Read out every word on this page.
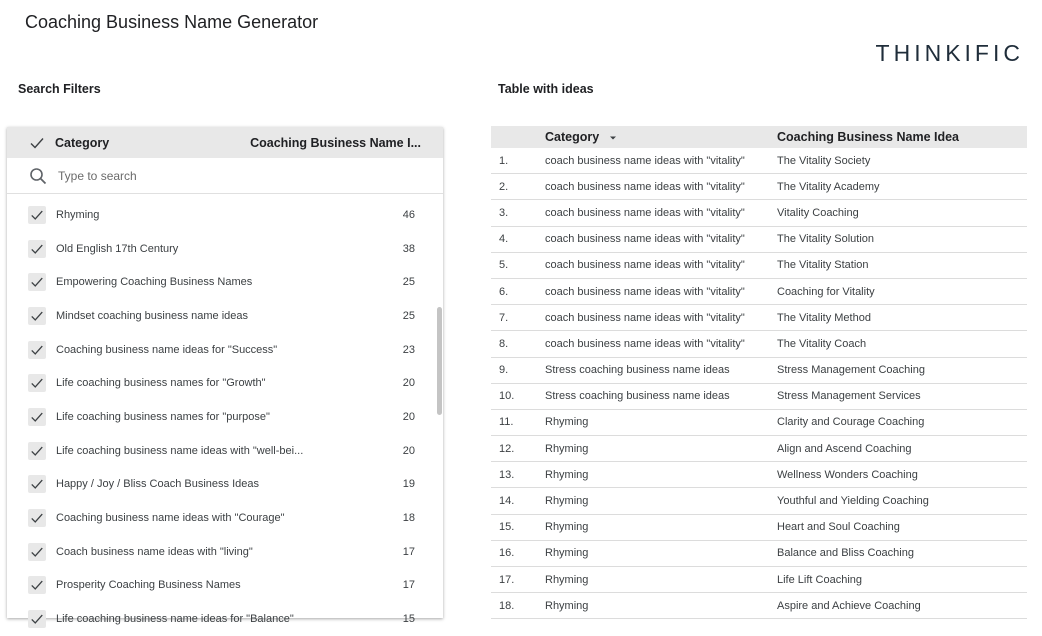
Coaching Business Name Generator
THINKIFIC
Search Filters	Table with ideas
Category	Coaching Business Name I...
Type to search
Rhyming	46
Old English 17th Century	38
Empowering Coaching Business Names	25
Mindset coaching business name ideas	25
Coaching business name ideas for "Success"	23
Life coaching business names for "Growth"	20
Life coaching business names for "purpose"	20
Life coaching business name ideas with "well-bei...	20
Happy / Joy / Bliss Coach Business Ideas	19
Coaching business name ideas with "Courage"	18
Coach business name ideas with "living"	17
Prosperity Coaching Business Names	17
Life coaching business name ideas for "Balance"	15
	Category	Coaching Business Name Idea
1.	coach business name ideas with "vitality"	The Vitality Society
2.	coach business name ideas with "vitality"	The Vitality Academy
3.	coach business name ideas with "vitality"	Vitality Coaching
4.	coach business name ideas with "vitality"	The Vitality Solution
5.	coach business name ideas with "vitality"	The Vitality Station
6.	coach business name ideas with "vitality"	Coaching for Vitality
7.	coach business name ideas with "vitality"	The Vitality Method
8.	coach business name ideas with "vitality"	The Vitality Coach
9.	Stress coaching business name ideas	Stress Management Coaching
10.	Stress coaching business name ideas	Stress Management Services
11.	Rhyming	Clarity and Courage Coaching
12.	Rhyming	Align and Ascend Coaching
13.	Rhyming	Wellness Wonders Coaching
14.	Rhyming	Youthful and Yielding Coaching
15.	Rhyming	Heart and Soul Coaching
16.	Rhyming	Balance and Bliss Coaching
17.	Rhyming	Life Lift Coaching
18.	Rhyming	Aspire and Achieve Coaching
